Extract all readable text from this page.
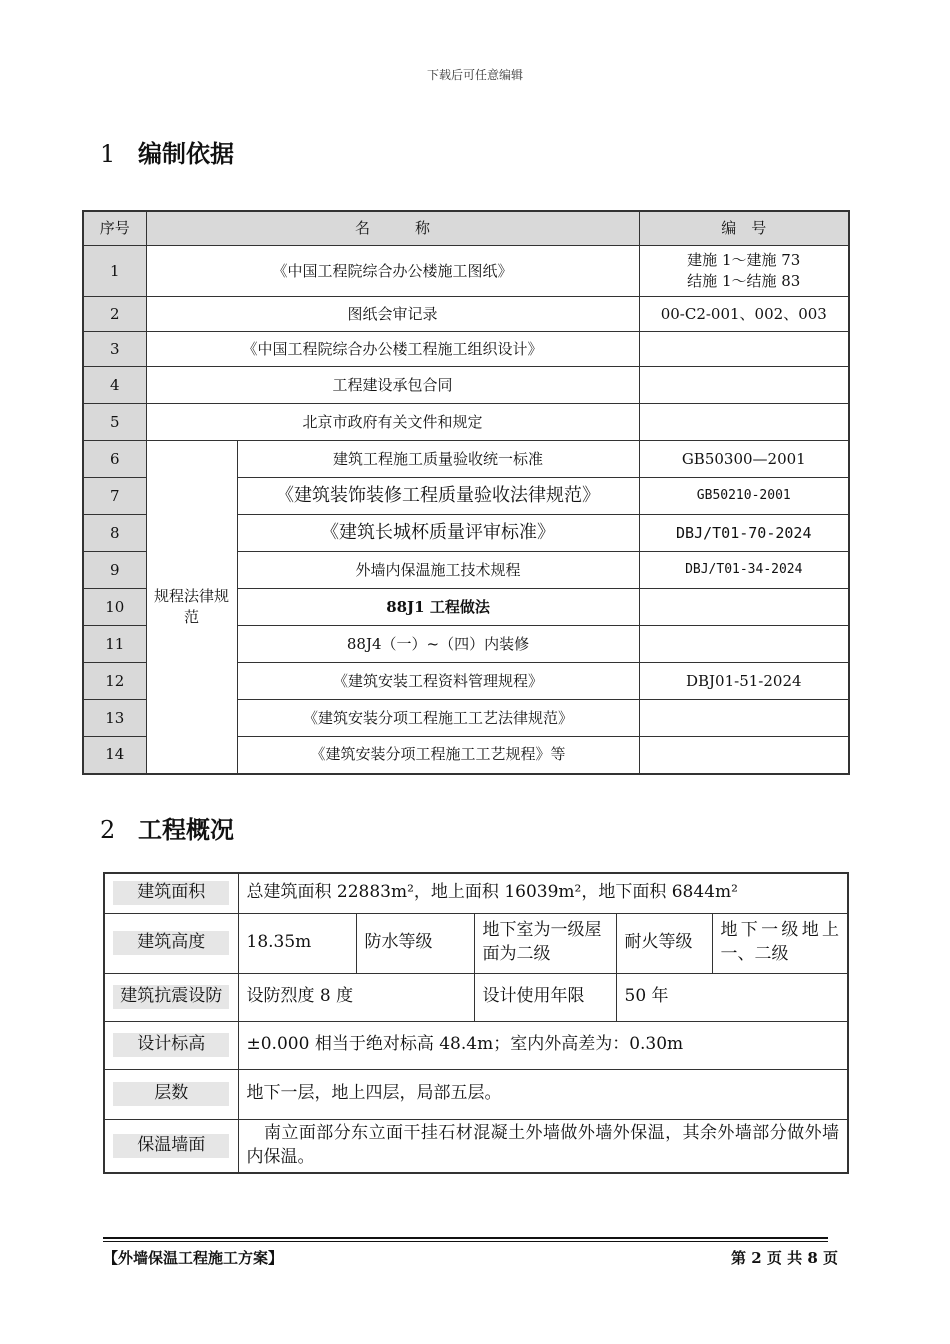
下载后可任意编辑
1 编制依据
序号	名　　　称		编　号
1	《中国工程院综合办公楼施工图纸》		建施 1～建施 73
结施 1～结施 83

2	图纸会审记录		00-C2-001、002、003
3	《中国工程院综合办公楼工程施工组织设计》		
4	工程建设承包合同		
5	北京市政府有关文件和规定		
6	规程法律规范	建筑工程施工质量验收统一标准	GB50300—2001
7		《建筑装饰装修工程质量验收法律规范》	GB50210-2001
8		《建筑长城杯质量评审标准》	DBJ/T01-70-2024
9		外墙内保温施工技术规程	DBJ/T01-34-2024
10		88J1 工程做法	
11		88J4（一）~（四）内装修	
12		《建筑安装工程资料管理规程》	DBJ01-51-2024
13		《建筑安装分项工程施工工艺法律规范》	
14		《建筑安装分项工程施工工艺规程》等	
2 工程概况
建筑面积	总建筑面积 22883m²，地上面积 16039m²，地下面积 6844m²				
建筑高度	18.35m	防水等级	地下室为一级屋面为二级	耐火等级	地下一级地上一、二级
建筑抗震设防	设防烈度 8 度		设计使用年限	50 年	
设计标高	±0.000 相当于绝对标高 48.4m；室内外高差为：0.30m				
层数	地下一层，地上四层，局部五层。				
保温墙面	　南立面部分东立面干挂石材混凝土外墙做外墙外保温，其余外墙部分做外墙内保温。				
【外墙保温工程施工方案】	第 2 页 共 8 页
